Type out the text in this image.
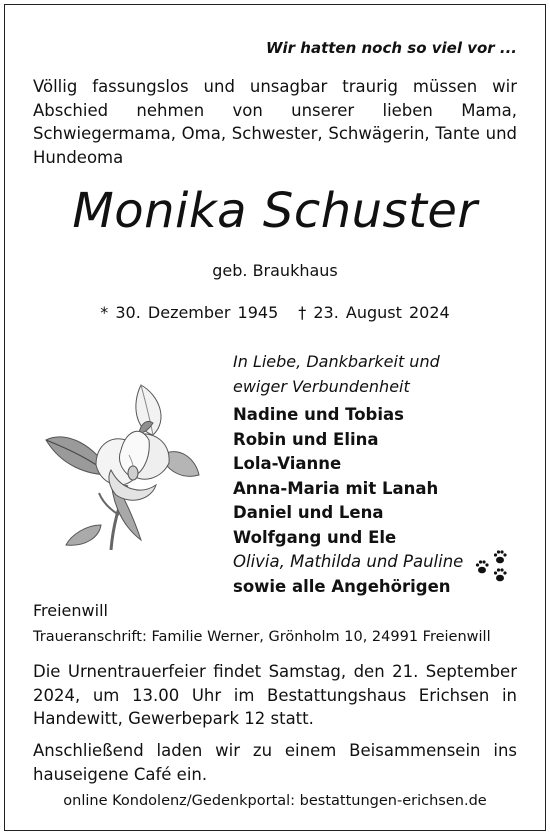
Wir hatten noch so viel vor ...
Völlig fassungslos und unsagbar traurig müssen wir Abschied nehmen von unserer lieben Mama, Schwiegermama, Oma, Schwester, Schwägerin, Tante und Hundeoma
Monika Schuster
geb. Braukhaus
* 30. Dezember 1945 † 23. August 2024
In Liebe, Dankbarkeit und
ewiger Verbundenheit
Nadine und Tobias
Robin und Elina
Lola-Vianne
Anna-Maria mit Lanah
Daniel und Lena
Wolfgang und Ele
Olivia, Mathilda und Pauline
sowie alle Angehörigen
Freienwill
Traueranschrift: Familie Werner, Grönholm 10, 24991 Freienwill
Die Urnentrauerfeier findet Samstag, den 21. September 2024, um 13.00 Uhr im Bestattungshaus Erichsen in Handewitt, Gewerbepark 12 statt.
Anschließend laden wir zu einem Beisammensein ins hauseigene Café ein.
online Kondolenz/Gedenkportal: bestattungen-erichsen.de
